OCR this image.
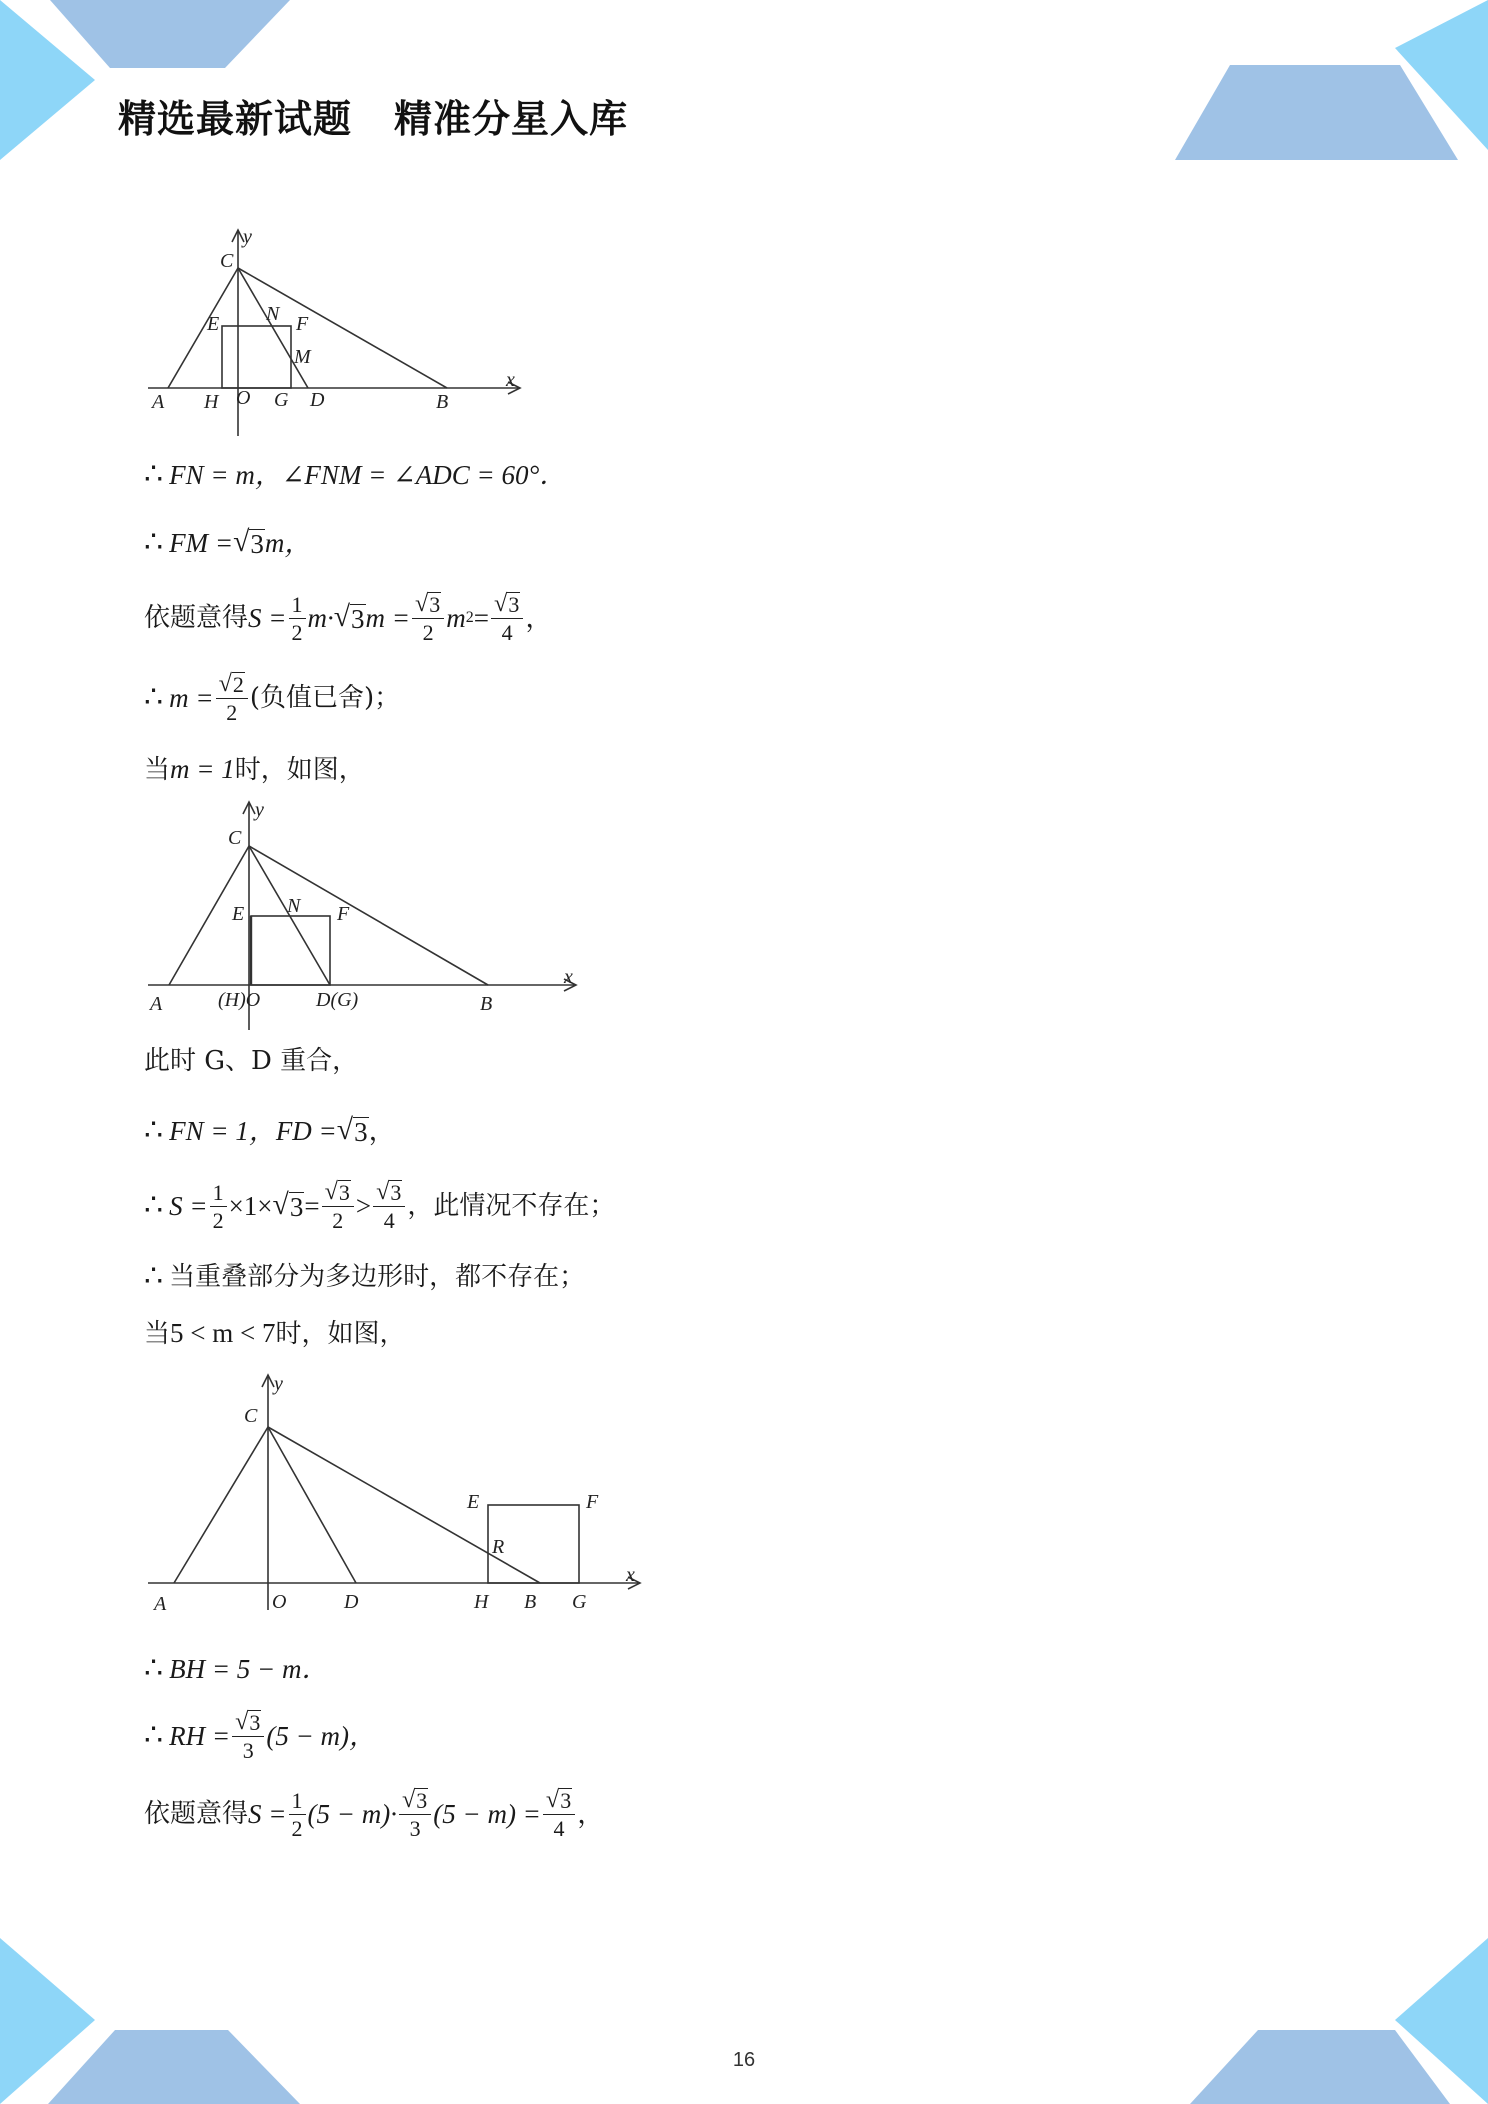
精选最新试题 精准分星入库
y
C
E N F
M
A H O G D	B
x
∴ FN = m，∠FNM = ∠ADC = 60°．
∴ FM = √ 3 m，
依题意得 $S = \frac{1}{2} m\cdot$ √ 3 $m = \frac{√ 3}{2}$ m $2 = \frac{√ 3}{4}$ ，
∴ $m = \frac{√ 2}{2}$ (负值已舍)；
当 m = 1 时，如图，
y
C
E N F
A	(H)O	D(G)	B
x
此时 G、D 重合，
∴ FN = 1，FD = √ 3 ，
∴ $S = \frac{1}{2} \times 1\times$ √ $3 = \frac{√ 3}{2} > \frac{√ 3}{4}$ ，此情况不存在；
∴ 当重叠部分为多边形时，都不存在；
当 5 < m < 7 时，如图，
y
C
E	F
R
A	O	D	H B G
x
∴ BH = 5 − m．
∴ RH = $\frac{√ 3}{3} (5 - m)$，
依题意得 $S = \frac{1}{2} (5 - m)\cdot \frac{√ 3}{3} (5 - m) = \frac{√ 3}{4}$ ，
16
